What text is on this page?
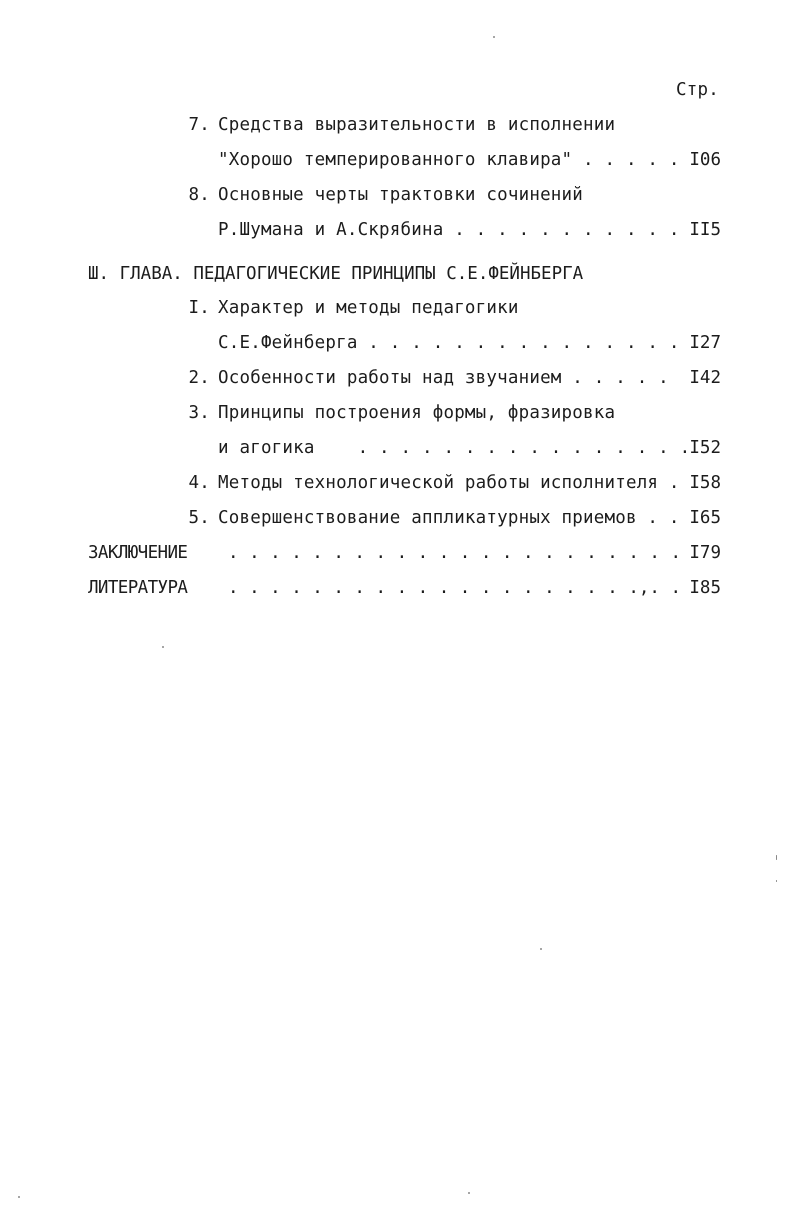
Стр.
7. Средства выразительности в исполнении
"Хорошо темперированного клавира" . . . . . I06
8. Основные черты трактовки сочинений
Р.Шумана и А.Скрябина . . . . . . . . . . . II5
Ш. ГЛАВА. ПЕДАГОГИЧЕСКИЕ ПРИНЦИПЫ С.Е.ФЕЙНБЕРГА
I. Характер и методы педагогики
С.Е.Фейнберга . . . . . . . . . . . . . . . I27
2. Особенности работы над звучанием . . . . . I42
3. Принципы построения формы, фразировка
и агогика    . . . . . . . . . . . . . . . . I52
4. Методы технологической работы исполнителя . I58
5. Совершенствование аппликатурных приемов . . I65
ЗАКЛЮЧЕНИЕ . . . . . . . . . . . . . . . . . . . . . . I79
ЛИТЕРАТУРА . . . . . . . . . . . . . . . . . . . .,. . I85
